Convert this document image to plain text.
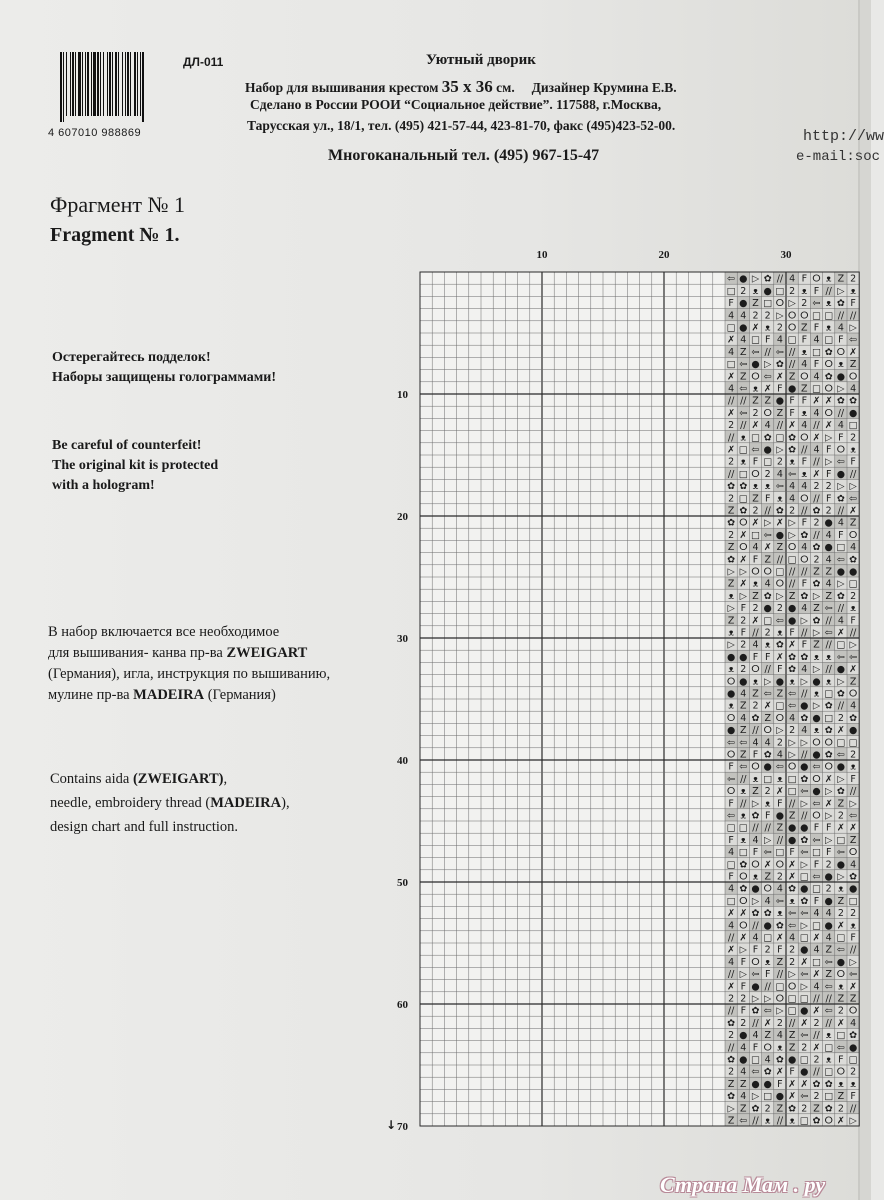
4 607010 988869
ДЛ-011	Уютный дворик
Набор для вышивания крестом 35 х 36 см. Дизайнер Крумина Е.В.
Сделано в России РООИ “Социальное действие”. 117588, г.Москва,
Тарусская ул., 18/1, тел. (495) 421-57-44, 423-81-70, факс (495)423-52-00.
Многоканальный тел. (495) 967-15-47
http://ww
e-mail:soc
Фрагмент № 1
Fragment № 1.
Остерегайтесь подделок!
Наборы защищены голограммами!
Be careful of counterfeit!
The original kit is protected
with a hologram!
В набор включается все необходимое
для вышивания- канва пр-ва ZWEIGART
(Германия), игла, инструкция по вышиванию,
мулине пр-ва MADEIRA (Германия)
Contains aida (ZWEIGART),
needle, embroidery thread (MADEIRA),
design chart and full instruction.
⇦ ● ▷ ✿ // 4 F ⵔ ᴥ Z 2
□ 2 ᴥ ● □ 2 ᴥ F // ▷ ᴥ
F ● Z □ ⵔ ▷ 2 ⇦ ᴥ ✿ F
4 4 2 2 ▷ ⵔ ⵔ □ □ // //
□ ● ✗ ᴥ 2 ⵔ Z F ᴥ 4 ▷
✗ 4 □ F 4 □ F 4 □ F ⇦
4 Z ⇦ // ⇦ // ᴥ □ ✿ ⵔ ✗
□ ⇦ ● ▷ ✿ // 4 F ⵔ ᴥ Z
✗ Z ⵔ ⇦ ✗ Z ⵔ 4 ✿ ● ⵔ
4 ⇦ ᴥ ✗ F ● Z □ ⵔ ▷ 4
// // Z Z ● F F ✗ ✗ ✿ ✿
✗ ⇦ 2 ⵔ Z F ᴥ 4 ⵔ // ●
2 // ✗ 4 // ✗ 4 // ✗ 4 □
// ᴥ □ ✿ □ ✿ ⵔ ✗ ▷ F 2
✗ □ ⇦ ● ▷ ✿ // 4 F ⵔ ᴥ
2 ᴥ F □ 2 ᴥ F // ▷ ⇦ F
// □ ⵔ 2 4 ⇦ ᴥ ✗ F ● //
✿ ✿ ᴥ ᴥ ⇦ 4 4 2 2 ▷ ▷
2 □ Z F ᴥ 4 ⵔ // F ✿ ⇦
Z ✿ 2 // ✿ 2 // ✿ 2 // ✗
✿ ⵔ ✗ ▷ ✗ ▷ F 2 ● 4 Z
2 ✗ □ ⇦ ● ▷ ✿ // 4 F ⵔ
Z ⵔ 4 ✗ Z ⵔ 4 ✿ ● □ 4
✿ ✗ F Z // □ ⵔ 2 4 ⇦ ✿
▷ ▷ ⵔ ⵔ □ // // Z Z ● ●
Z ✗ ᴥ 4 ⵔ // F ✿ 4 ▷ □
ᴥ ▷ Z ✿ ▷ Z ✿ ▷ Z ✿ 2
▷ F 2 ● 2 ● 4 Z ⇦ // ᴥ
Z 2 ✗ □ ⇦ ● ▷ ✿ // 4 F
ᴥ F // 2 ᴥ F // ▷ ⇦ ✗ //
▷ 2 4 ᴥ ✿ ✗ F Z // □ ▷
● ● F F ✗ ✿ ✿ ᴥ ᴥ ⇦ ⇦
ᴥ 2 ⵔ // F ✿ 4 ▷ // ● ✗
ⵔ ● ᴥ ▷ ● ᴥ ▷ ● ᴥ ▷ Z
● 4 Z ⇦ Z ⇦ // ᴥ □ ✿ ⵔ
ᴥ Z 2 ✗ □ ⇦ ● ▷ ✿ // 4
ⵔ 4 ✿ Z ⵔ 4 ✿ ● □ 2 ✿
● Z // ⵔ ▷ 2 4 ᴥ ✿ ✗ ●
⇦ ⇦ 4 4 2 ▷ ▷ ⵔ ⵔ □ □
ⵔ Z F ✿ 4 ▷ // ● ✿ ⇦ 2
F ⇦ ⵔ ● ⇦ ⵔ ● ⇦ ⵔ ● ᴥ
⇦ // ᴥ □ ᴥ □ ✿ ⵔ ✗ ▷ F
ⵔ ᴥ Z 2 ✗ □ ⇦ ● ▷ ✿ //
F // ▷ ᴥ F // ▷ ⇦ ✗ Z ▷
⇦ ᴥ ✿ F ● Z // ⵔ ▷ 2 ⇦
□ □ // // Z ● ● F F ✗ ✗
F ᴥ 4 ▷ // ● ✿ ⇦ ▷ □ Z
4 □ F ⇦ □ F ⇦ □ F ⇦ ⵔ
□ ✿ ⵔ ✗ ⵔ ✗ ▷ F 2 ● 4
F ⵔ ᴥ Z 2 ✗ □ ⇦ ● ▷ ✿
4 ✿ ● ⵔ 4 ✿ ● □ 2 ᴥ ●
□ ⵔ ▷ 4 ⇦ ᴥ ✿ F ● Z □
✗ ✗ ✿ ✿ ᴥ ⇦ ⇦ 4 4 2 2
4 ⵔ // ● ✿ ⇦ ▷ □ ● ✗ ᴥ
// ✗ 4 □ ✗ 4 □ ✗ 4 □ F
✗ ▷ F 2 F 2 ● 4 Z ⇦ //
4 F ⵔ ᴥ Z 2 ✗ □ ⇦ ● ▷
// ▷ ⇦ F // ▷ ⇦ ✗ Z ⵔ ⇦
✗ F ● // □ ⵔ ▷ 4 ⇦ ᴥ ✗
2 2 ▷ ▷ ⵔ □ □ // // Z Z
// F ✿ ⇦ ▷ □ ● ✗ ⇦ 2 ⵔ
✿ 2 // ✗ 2 // ✗ 2 // ✗ 4
2 ● 4 Z 4 Z ⇦ // ᴥ □ ✿
// 4 F ⵔ ᴥ Z 2 ✗ □ ⇦ ●
✿ ● □ 4 ✿ ● □ 2 ᴥ F □
2 4 ⇦ ✿ ✗ F ● // □ ⵔ 2
Z Z ● ● F ✗ ✗ ✿ ✿ ᴥ ᴥ
✿ 4 ▷ □ ● ✗ ⇦ 2 □ Z F
▷ Z ✿ 2 Z ✿ 2 Z ✿ 2 //
Z ⇦ // ᴥ // ᴥ □ ✿ ⵔ ✗ ▷
10	20	30
10
20
30
40
50
60
↓ 70
Страна Мам . ру
